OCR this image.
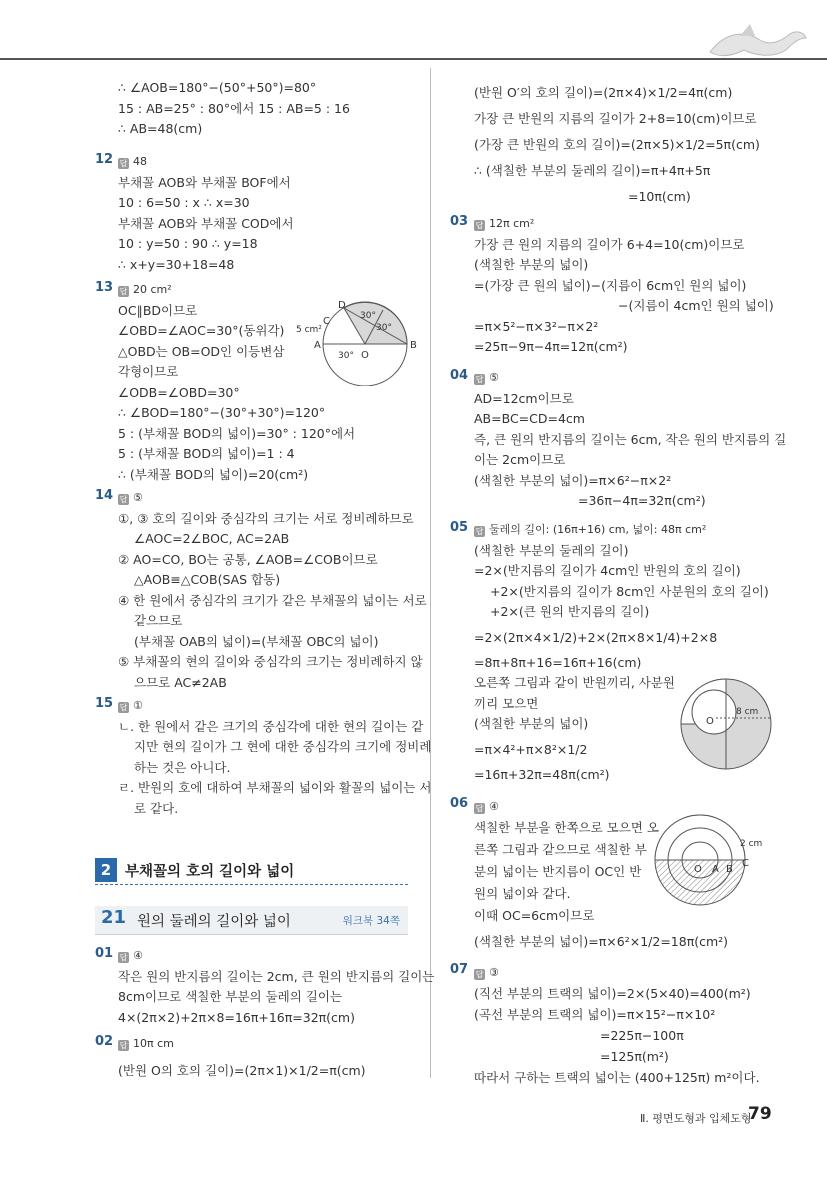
∴ ∠AOB=180°−(50°+50°)=80°
15 : AB=25° : 80°에서 15 : AB=5 : 16
∴ AB=48(cm)
12 답 48
부채꼴 AOB와 부채꼴 BOF에서
10 : 6=50 : x ∴ x=30
부채꼴 AOB와 부채꼴 COD에서
10 : y=50 : 90 ∴ y=18
∴ x+y=30+18=48
13 답 20 cm²
OC∥BD이므로
∠OBD=∠AOC=30°(동위각)
△OBD는 OB=OD인 이등변삼
각형이므로
∠ODB=∠OBD=30°
∴ ∠BOD=180°−(30°+30°)=120°
5 : (부채꼴 BOD의 넓이)=30° : 120°에서
5 : (부채꼴 BOD의 넓이)=1 : 4
∴ (부채꼴 BOD의 넓이)=20(cm²)
D
C
5 cm²
30°
30°
A
O
B
30°
14 답 ⑤
①, ③ 호의 길이와 중심각의 크기는 서로 정비례하므로
∠AOC=2∠BOC, AC=2AB
② AO=CO, BO는 공통, ∠AOB=∠COB이므로
△AOB≡△COB(SAS 합동)
④ 한 원에서 중심각의 크기가 같은 부채꼴의 넓이는 서로
같으므로
(부채꼴 OAB의 넓이)=(부채꼴 OBC의 넓이)
⑤ 부채꼴의 현의 길이와 중심각의 크기는 정비례하지 않
으므로 AC≠2AB
15 답 ①
ㄴ. 한 원에서 같은 크기의 중심각에 대한 현의 길이는 같
지만 현의 길이가 그 현에 대한 중심각의 크기에 정비례
하는 것은 아니다.
ㄹ. 반원의 호에 대하여 부채꼴의 넓이와 활꼴의 넓이는 서
로 같다.
2 부채꼴의 호의 길이와 넓이
21 원의 둘레의 길이와 넓이	워크북 34쪽
01 답 ④
작은 원의 반지름의 길이는 2cm, 큰 원의 반지름의 길이는
8cm이므로 색칠한 부분의 둘레의 길이는
4×(2π×2)+2π×8=16π+16π=32π(cm)
02 답 10π cm
(반원 O의 호의 길이)=(2π×1)×1/2=π(cm)
(반원 O′의 호의 길이)=(2π×4)×1/2=4π(cm)
가장 큰 반원의 지름의 길이가 2+8=10(cm)이므로
(가장 큰 반원의 호의 길이)=(2π×5)×1/2=5π(cm)
∴ (색칠한 부분의 둘레의 길이)=π+4π+5π
=10π(cm)
03 답 12π cm²
가장 큰 원의 지름의 길이가 6+4=10(cm)이므로
(색칠한 부분의 넓이)
=(가장 큰 원의 넓이)−(지름이 6cm인 원의 넓이)
−(지름이 4cm인 원의 넓이)
=π×5²−π×3²−π×2²
=25π−9π−4π=12π(cm²)
04 답 ⑤
AD=12cm이므로
AB=BC=CD=4cm
즉, 큰 원의 반지름의 길이는 6cm, 작은 원의 반지름의 길
이는 2cm이므로
(색칠한 부분의 넓이)=π×6²−π×2²
=36π−4π=32π(cm²)
05 답 둘레의 길이: (16π+16) cm, 넓이: 48π cm²
(색칠한 부분의 둘레의 길이)
=2×(반지름의 길이가 4cm인 반원의 호의 길이)
+2×(반지름의 길이가 8cm인 사분원의 호의 길이)
+2×(큰 원의 반지름의 길이)
=2×(2π×4×1/2)+2×(2π×8×1/4)+2×8
=8π+8π+16=16π+16(cm)
오른쪽 그림과 같이 반원끼리, 사분원
끼리 모으면
(색칠한 부분의 넓이)
=π×4²+π×8²×1/2
=16π+32π=48π(cm²)
O
8 cm
06 답 ④
색칠한 부분을 한쪽으로 모으면 오
른쪽 그림과 같으므로 색칠한 부
분의 넓이는 반지름이 OC인 반
원의 넓이와 같다.
이때 OC=6cm이므로
(색칠한 부분의 넓이)=π×6²×1/2=18π(cm²)
2 cm
O A B
C
07 답 ③
(직선 부분의 트랙의 넓이)=2×(5×40)=400(m²)
(곡선 부분의 트랙의 넓이)=π×15²−π×10²
=225π−100π
=125π(m²)
따라서 구하는 트랙의 넓이는 (400+125π) m²이다.
Ⅱ. 평면도형과 입체도형
79
